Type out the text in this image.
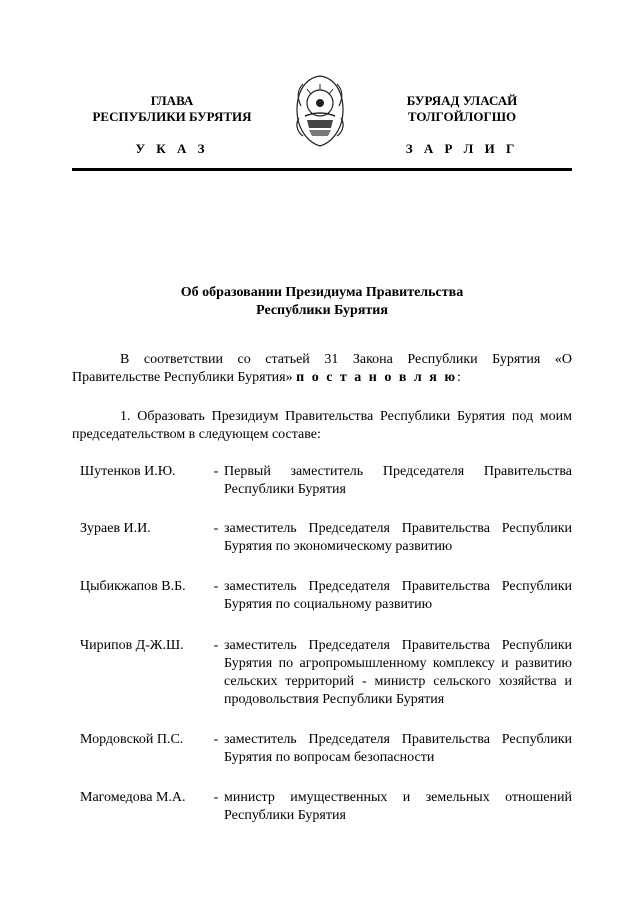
ГЛАВА
РЕСПУБЛИКИ БУРЯТИЯ
БУРЯАД УЛАСАЙ
ТОЛГОЙЛОГШО
У К А З	З А Р Л И Г
Об образовании Президиума Правительства
Республики Бурятия
В соответствии со статьей 31 Закона Республики Бурятия «О Правительстве Республики Бурятия» п о с т а н о в л я ю:
1. Образовать Президиум Правительства Республики Бурятия под моим председательством в следующем составе:
Шутенков И.Ю.	- Первый заместитель Председателя Правительства Республики Бурятия
Зураев И.И.	- заместитель Председателя Правительства Республики Бурятия по экономическому развитию
Цыбикжапов В.Б.	- заместитель Председателя Правительства Республики Бурятия по социальному развитию
Чирипов Д-Ж.Ш.	- заместитель Председателя Правительства Республики Бурятия по агропромышленному комплексу и развитию сельских территорий - министр сельского хозяйства и продовольствия Республики Бурятия
Мордовской П.С.	- заместитель Председателя Правительства Республики Бурятия по вопросам безопасности
Магомедова М.А.	- министр имущественных и земельных отношений Республики Бурятия
